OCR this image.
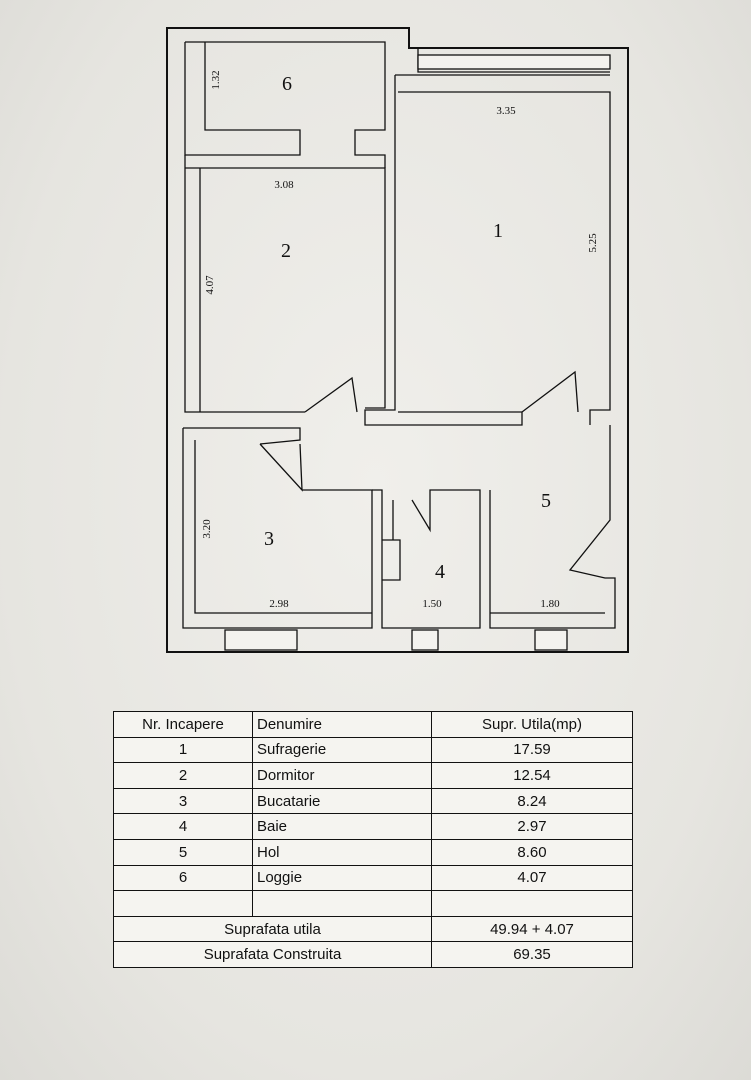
6
1
2
3
4
5
1.32
3.35
5.25
3.08
4.07
3.20
2.98	1.50	1.80
Nr. Incapere	Denumire	Supr. Utila(mp)
1	Sufragerie	17.59
2	Dormitor	12.54
3	Bucatarie	8.24
4	Baie	2.97
5	Hol	8.60
6	Loggie	4.07

Suprafata utila		49.94 + 4.07
Suprafata Construita		69.35
